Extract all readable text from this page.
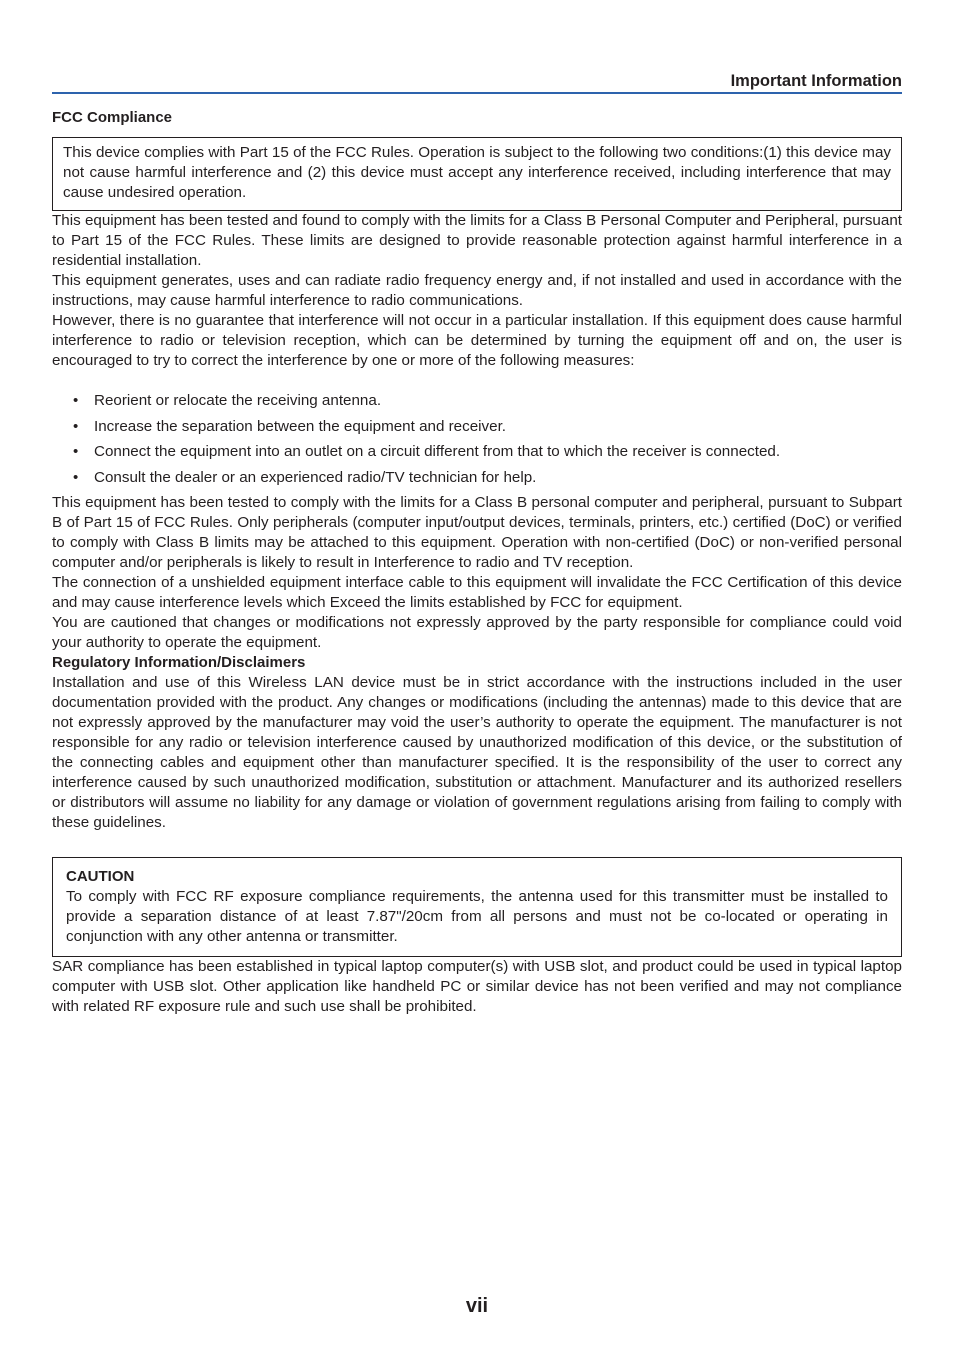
Important Information

FCC Compliance

This device complies with Part 15 of the FCC Rules. Operation is subject to the following two conditions:(1) this device may not cause harmful interference and (2) this device must accept any interference received, including interference that may cause undesired operation.

This equipment has been tested and found to comply with the limits for a Class B Personal Computer and Peripheral, pursuant to Part 15 of the FCC Rules. These limits are designed to provide reasonable protection against harmful interference in a residential installation.

This equipment generates, uses and can radiate radio frequency energy and, if not installed and used in accordance with the instructions, may cause harmful interference to radio communications.

However, there is no guarantee that interference will not occur in a particular installation. If this equipment does cause harmful interference to radio or television reception, which can be determined by turning the equipment off and on, the user is encouraged to try to correct the interference by one or more of the following measures:

• Reorient or relocate the receiving antenna.
• Increase the separation between the equipment and receiver.
• Connect the equipment into an outlet on a circuit different from that to which the receiver is connected.
• Consult the dealer or an experienced radio/TV technician for help.

This equipment has been tested to comply with the limits for a Class B personal computer and peripheral, pursuant to Subpart B of Part 15 of FCC Rules. Only peripherals (computer input/output devices, terminals, printers, etc.) certified (DoC) or verified to comply with Class B limits may be attached to this equipment. Operation with non-certified (DoC) or non-verified personal computer and/or peripherals is likely to result in Interference to radio and TV reception.

The connection of a unshielded equipment interface cable to this equipment will invalidate the FCC Certification of this device and may cause interference levels which Exceed the limits established by FCC for equipment.

You are cautioned that changes or modifications not expressly approved by the party responsible for compliance could void your authority to operate the equipment.

Regulatory Information/Disclaimers

Installation and use of this Wireless LAN device must be in strict accordance with the instructions included in the user documentation provided with the product. Any changes or modifications (including the antennas) made to this device that are not expressly approved by the manufacturer may void the user’s authority to operate the equipment. The manufacturer is not responsible for any radio or television interference caused by unauthorized modification of this device, or the substitution of the connecting cables and equipment other than manufacturer specified. It is the responsibility of the user to correct any interference caused by such unauthorized modification, substitution or attachment. Manufacturer and its authorized resellers or distributors will assume no liability for any damage or violation of government regulations arising from failing to comply with these guidelines.

CAUTION

To comply with FCC RF exposure compliance requirements, the antenna used for this transmitter must be installed to provide a separation distance of at least 7.87"/20cm from all persons and must not be co-located or operating in conjunction with any other antenna or transmitter.

SAR compliance has been established in typical laptop computer(s) with USB slot, and product could be used in typical laptop computer with USB slot. Other application like handheld PC or similar device has not been verified and may not compliance with related RF exposure rule and such use shall be prohibited.

vii
